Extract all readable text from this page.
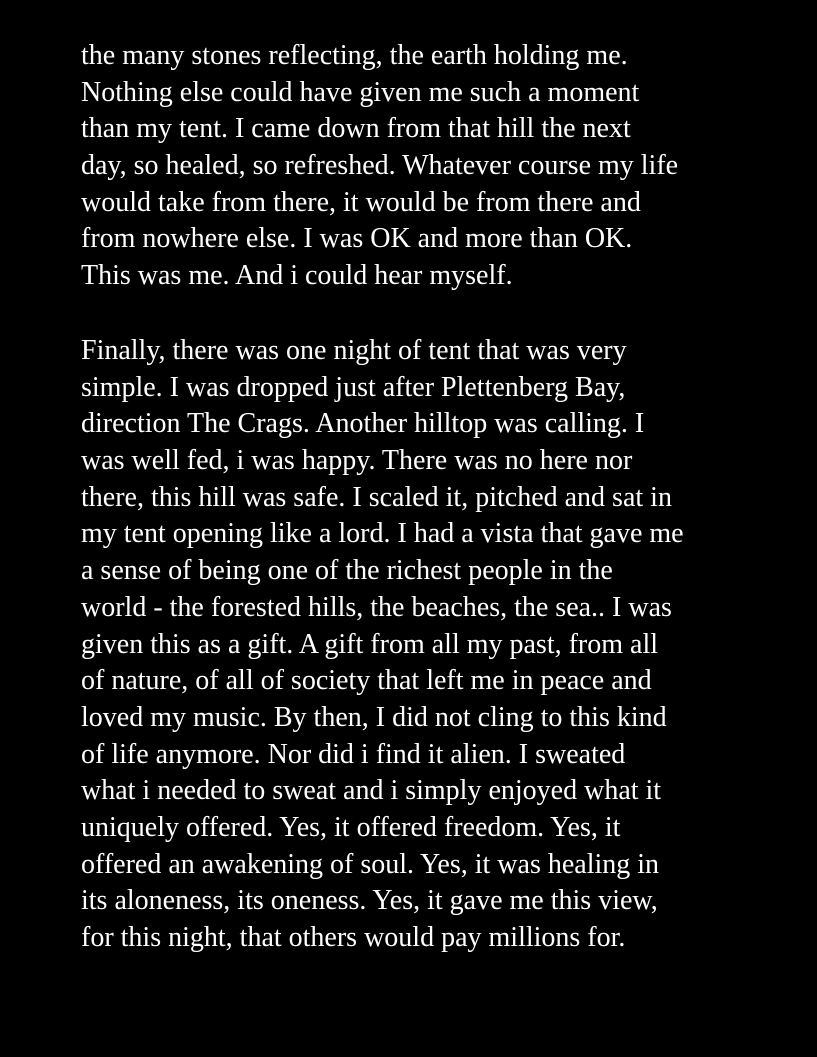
the many stones reflecting, the earth holding me.
Nothing else could have given me such a moment
than my tent. I came down from that hill the next
day, so healed, so refreshed. Whatever course my life
would take from there, it would be from there and
from nowhere else. I was OK and more than OK.
This was me. And i could hear myself.
Finally, there was one night of tent that was very
simple. I was dropped just after Plettenberg Bay,
direction The Crags. Another hilltop was calling. I
was well fed, i was happy. There was no here nor
there, this hill was safe. I scaled it, pitched and sat in
my tent opening like a lord. I had a vista that gave me
a sense of being one of the richest people in the
world - the forested hills, the beaches, the sea.. I was
given this as a gift. A gift from all my past, from all
of nature, of all of society that left me in peace and
loved my music. By then, I did not cling to this kind
of life anymore. Nor did i find it alien. I sweated
what i needed to sweat and i simply enjoyed what it
uniquely offered. Yes, it offered freedom. Yes, it
offered an awakening of soul. Yes, it was healing in
its aloneness, its oneness. Yes, it gave me this view,
for this night, that others would pay millions for.
